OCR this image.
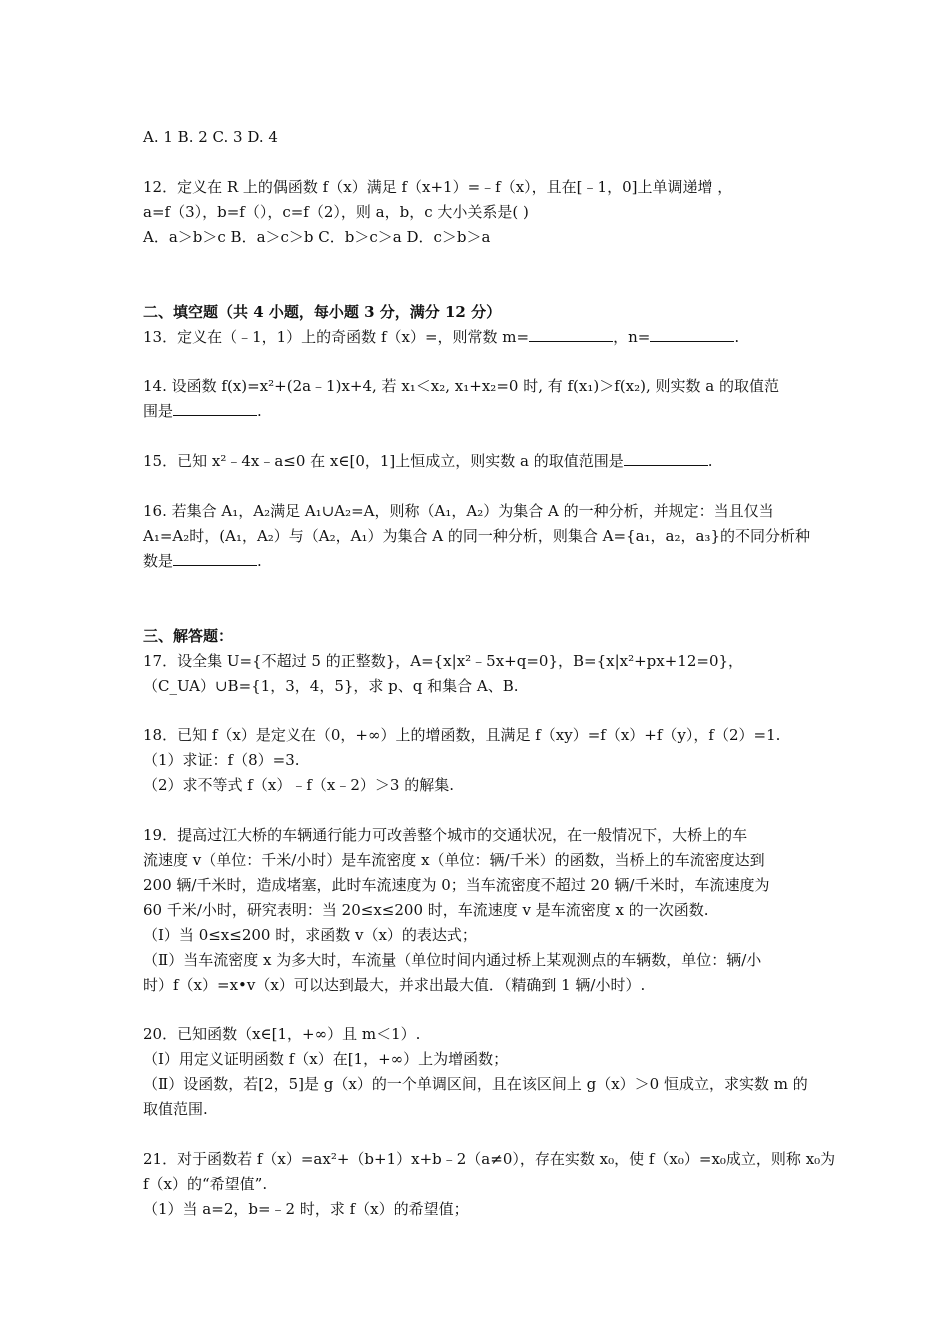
A. 1 B. 2 C. 3 D. 4
12．定义在 R 上的偶函数 f（x）满足 f（x+1）=﹣f（x），且在[﹣1，0]上单调递增 ，
a=f（3），b=f（），c=f（2），则 a，b，c 大小关系是( )
A．a＞b＞c B．a＞c＞b C．b＞c＞a D．c＞b＞a
二、填空题（共 4 小题，每小题 3 分，满分 12 分）
13．定义在（﹣1，1）上的奇函数 f（x）=，则常数 m=	，n=	.
14. 设函数 f(x)=x²+(2a﹣1)x+4, 若 x₁＜x₂, x₁+x₂=0 时, 有 f(x₁)＞f(x₂), 则实数 a 的取值范
围是	.
15．已知 x²﹣4x﹣a≤0 在 x∈[0，1]上恒成立，则实数 a 的取值范围是	.
16. 若集合 A₁，A₂满足 A₁∪A₂=A，则称（A₁，A₂）为集合 A 的一种分析，并规定：当且仅当
A₁=A₂时，(A₁，A₂）与（A₂，A₁）为集合 A 的同一种分析，则集合 A={a₁，a₂，a₃}的不同分析种
数是	.
三、解答题：
17．设全集 U={不超过 5 的正整数}，A={x|x²﹣5x+q=0}，B={x|x²+px+12=0}，
（C_UA）∪B={1，3，4，5}，求 p、q 和集合 A、B.
18．已知 f（x）是定义在（0，+∞）上的增函数，且满足 f（xy）=f（x）+f（y），f（2）=1.
（1）求证：f（8）=3.
（2）求不等式 f（x）﹣f（x﹣2）＞3 的解集.
19．提高过江大桥的车辆通行能力可改善整个城市的交通状况，在一般情况下，大桥上的车
流速度 v（单位：千米/小时）是车流密度 x（单位：辆/千米）的函数，当桥上的车流密度达到
200 辆/千米时，造成堵塞，此时车流速度为 0；当车流密度不超过 20 辆/千米时，车流速度为
60 千米/小时，研究表明：当 20≤x≤200 时，车流速度 v 是车流密度 x 的一次函数.
（Ⅰ）当 0≤x≤200 时，求函数 v（x）的表达式；
（Ⅱ）当车流密度 x 为多大时，车流量（单位时间内通过桥上某观测点的车辆数，单位：辆/小
时）f（x）=x•v（x）可以达到最大，并求出最大值．（精确到 1 辆/小时）.
20．已知函数（x∈[1，+∞）且 m＜1）.
（Ⅰ）用定义证明函数 f（x）在[1，+∞）上为增函数；
（Ⅱ）设函数，若[2，5]是 g（x）的一个单调区间，且在该区间上 g（x）＞0 恒成立，求实数 m 的
取值范围.
21．对于函数若 f（x）=ax²+（b+1）x+b﹣2（a≠0），存在实数 x₀，使 f（x₀）=x₀成立，则称 x₀为
f（x）的“希望值”.
（1）当 a=2，b=﹣2 时，求 f（x）的希望值；
